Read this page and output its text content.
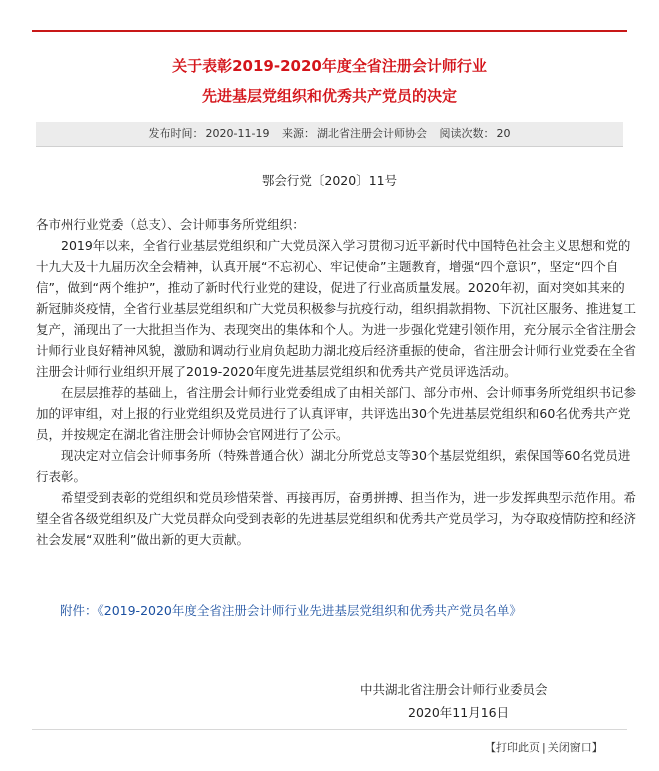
关于表彰2019-2020年度全省注册会计师行业
先进基层党组织和优秀共产党员的决定
发布时间： 2020-11-19 来源： 湖北省注册会计师协会 阅读次数： 20
鄂会行党〔2020〕11号

各市州行业党委（总支）、会计师事务所党组织：

2019年以来，全省行业基层党组织和广大党员深入学习贯彻习近平新时代中国特色社会主义思想和党的十九大及十九届历次全会精神，认真开展“不忘初心、牢记使命”主题教育，增强“四个意识”，坚定“四个自信”，做到“两个维护”，推动了新时代行业党的建设，促进了行业高质量发展。2020年初，面对突如其来的新冠肺炎疫情，全省行业基层党组织和广大党员积极参与抗疫行动，组织捐款捐物、下沉社区服务、推进复工复产，涌现出了一大批担当作为、表现突出的集体和个人。为进一步强化党建引领作用，充分展示全省注册会计师行业良好精神风貌，激励和调动行业肩负起助力湖北疫后经济重振的使命，省注册会计师行业党委在全省注册会计师行业组织开展了2019-2020年度先进基层党组织和优秀共产党员评选活动。

在层层推荐的基础上，省注册会计师行业党委组成了由相关部门、部分市州、会计师事务所党组织书记参加的评审组，对上报的行业党组织及党员进行了认真评审，共评选出30个先进基层党组织和60名优秀共产党员，并按规定在湖北省注册会计师协会官网进行了公示。

现决定对立信会计师事务所（特殊普通合伙）湖北分所党总支等30个基层党组织，索保国等60名党员进行表彰。

希望受到表彰的党组织和党员珍惜荣誉、再接再厉，奋勇拼搏、担当作为，进一步发挥典型示范作用。希望全省各级党组织及广大党员群众向受到表彰的先进基层党组织和优秀共产党员学习，为夺取疫情防控和经济社会发展“双胜利”做出新的更大贡献。

附件：《2019-2020年度全省注册会计师行业先进基层党组织和优秀共产党员名单》
中共湖北省注册会计师行业委员会
2020年11月16日
【打印此页 | 关闭窗口】
